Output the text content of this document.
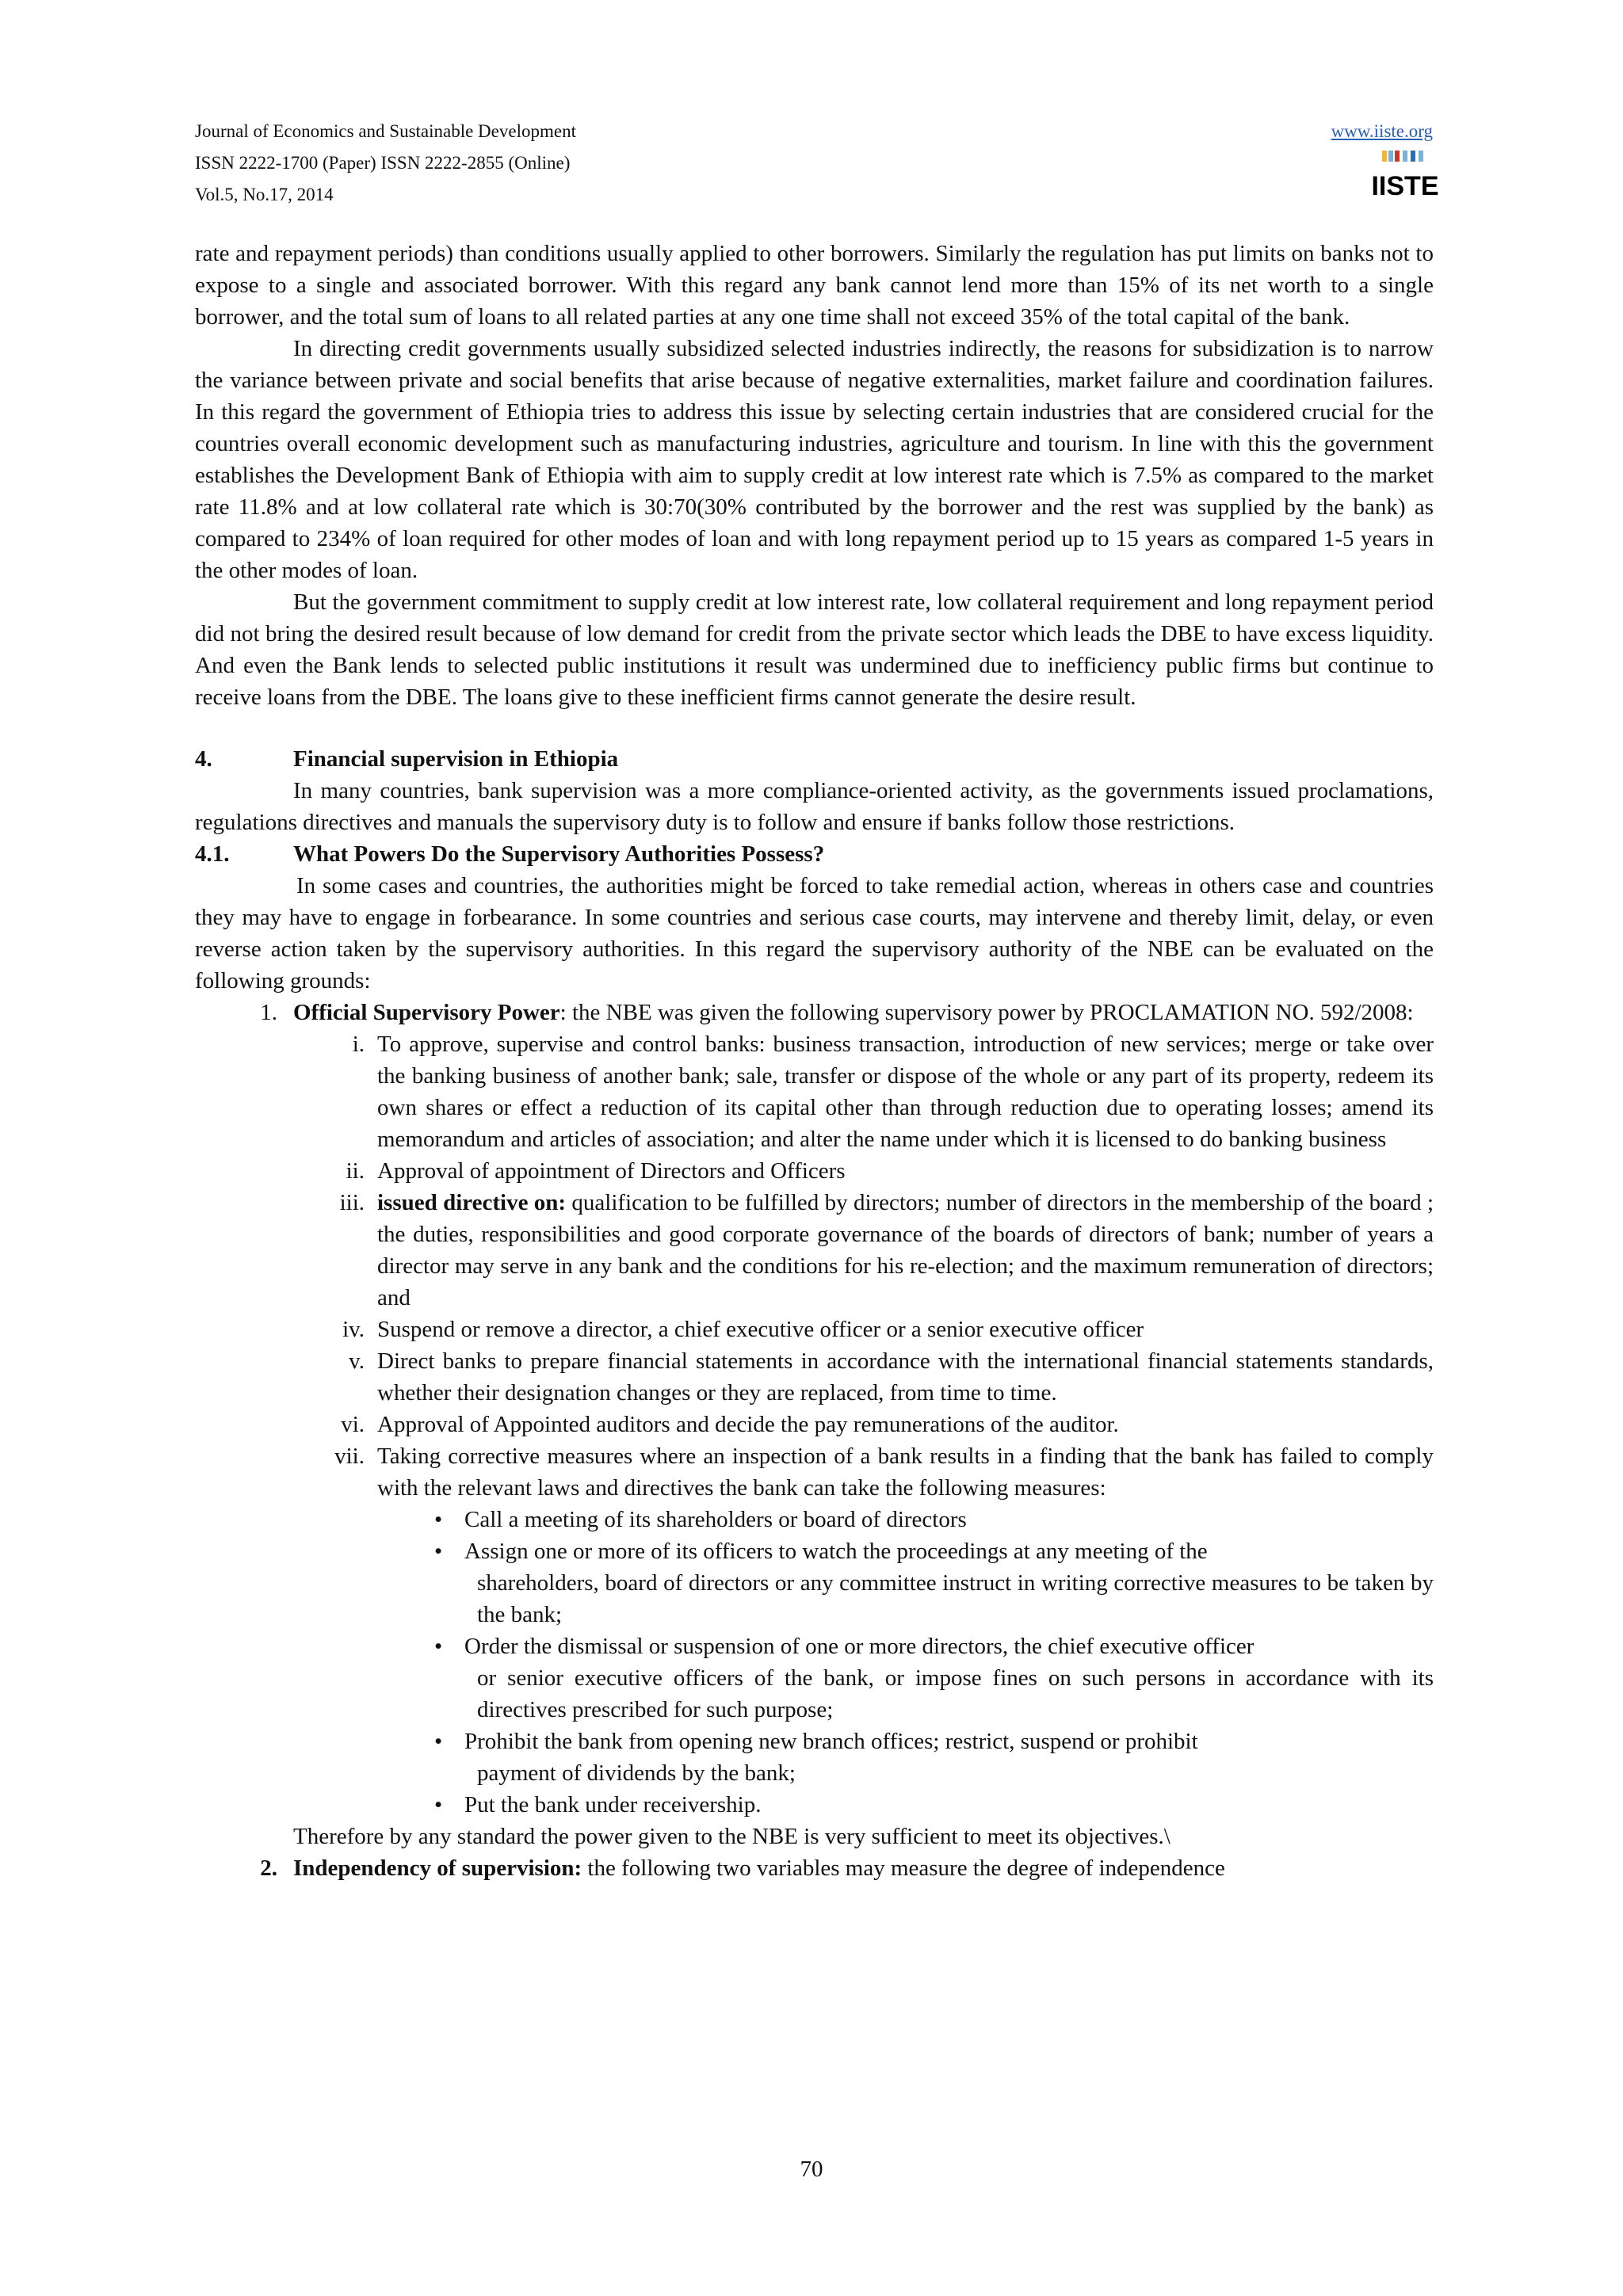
Journal of Economics and Sustainable Development
ISSN 2222-1700 (Paper) ISSN 2222-2855 (Online)
Vol.5, No.17, 2014
www.iiste.org
IISTE

rate and repayment periods) than conditions usually applied to other borrowers. Similarly the regulation has put limits on banks not to expose to a single and associated borrower. With this regard any bank cannot lend more than 15% of its net worth to a single borrower, and the total sum of loans to all related parties at any one time shall not exceed 35% of the total capital of the bank.

In directing credit governments usually subsidized selected industries indirectly, the reasons for subsidization is to narrow the variance between private and social benefits that arise because of negative externalities, market failure and coordination failures. In this regard the government of Ethiopia tries to address this issue by selecting certain industries that are considered crucial for the countries overall economic development such as manufacturing industries, agriculture and tourism. In line with this the government establishes the Development Bank of Ethiopia with aim to supply credit at low interest rate which is 7.5% as compared to the market rate 11.8% and at low collateral rate which is 30:70(30% contributed by the borrower and the rest was supplied by the bank) as compared to 234% of loan required for other modes of loan and with long repayment period up to 15 years as compared 1-5 years in the other modes of loan.

But the government commitment to supply credit at low interest rate, low collateral requirement and long repayment period did not bring the desired result because of low demand for credit from the private sector which leads the DBE to have excess liquidity. And even the Bank lends to selected public institutions it result was undermined due to inefficiency public firms but continue to receive loans from the DBE. The loans give to these inefficient firms cannot generate the desire result.

4.	Financial supervision in Ethiopia

In many countries, bank supervision was a more compliance-oriented activity, as the governments issued proclamations, regulations directives and manuals the supervisory duty is to follow and ensure if banks follow those restrictions.

4.1.	What Powers Do the Supervisory Authorities Possess?

In some cases and countries, the authorities might be forced to take remedial action, whereas in others case and countries they may have to engage in forbearance. In some countries and serious case courts, may intervene and thereby limit, delay, or even reverse action taken by the supervisory authorities. In this regard the supervisory authority of the NBE can be evaluated on the following grounds:

1. Official Supervisory Power: the NBE was given the following supervisory power by PROCLAMATION NO. 592/2008:
i. To approve, supervise and control banks: business transaction, introduction of new services; merge or take over the banking business of another bank; sale, transfer or dispose of the whole or any part of its property, redeem its own shares or effect a reduction of its capital other than through reduction due to operating losses; amend its memorandum and articles of association; and alter the name under which it is licensed to do banking business
ii. Approval of appointment of Directors and Officers
iii. issued directive on: qualification to be fulfilled by directors; number of directors in the membership of the board ; the duties, responsibilities and good corporate governance of the boards of directors of bank; number of years a director may serve in any bank and the conditions for his re-election; and the maximum remuneration of directors; and
iv. Suspend or remove a director, a chief executive officer or a senior executive officer
v. Direct banks to prepare financial statements in accordance with the international financial statements standards, whether their designation changes or they are replaced, from time to time.
vi. Approval of Appointed auditors and decide the pay remunerations of the auditor.
vii. Taking corrective measures where an inspection of a bank results in a finding that the bank has failed to comply with the relevant laws and directives the bank can take the following measures:
• Call a meeting of its shareholders or board of directors
• Assign one or more of its officers to watch the proceedings at any meeting of the
shareholders, board of directors or any committee instruct in writing corrective measures to be taken by the bank;
• Order the dismissal or suspension of one or more directors, the chief executive officer
or senior executive officers of the bank, or impose fines on such persons in accordance with its directives prescribed for such purpose;
• Prohibit the bank from opening new branch offices; restrict, suspend or prohibit
payment of dividends by the bank;
• Put the bank under receivership.

Therefore by any standard the power given to the NBE is very sufficient to meet its objectives.\

2. Independency of supervision: the following two variables may measure the degree of independence
70
